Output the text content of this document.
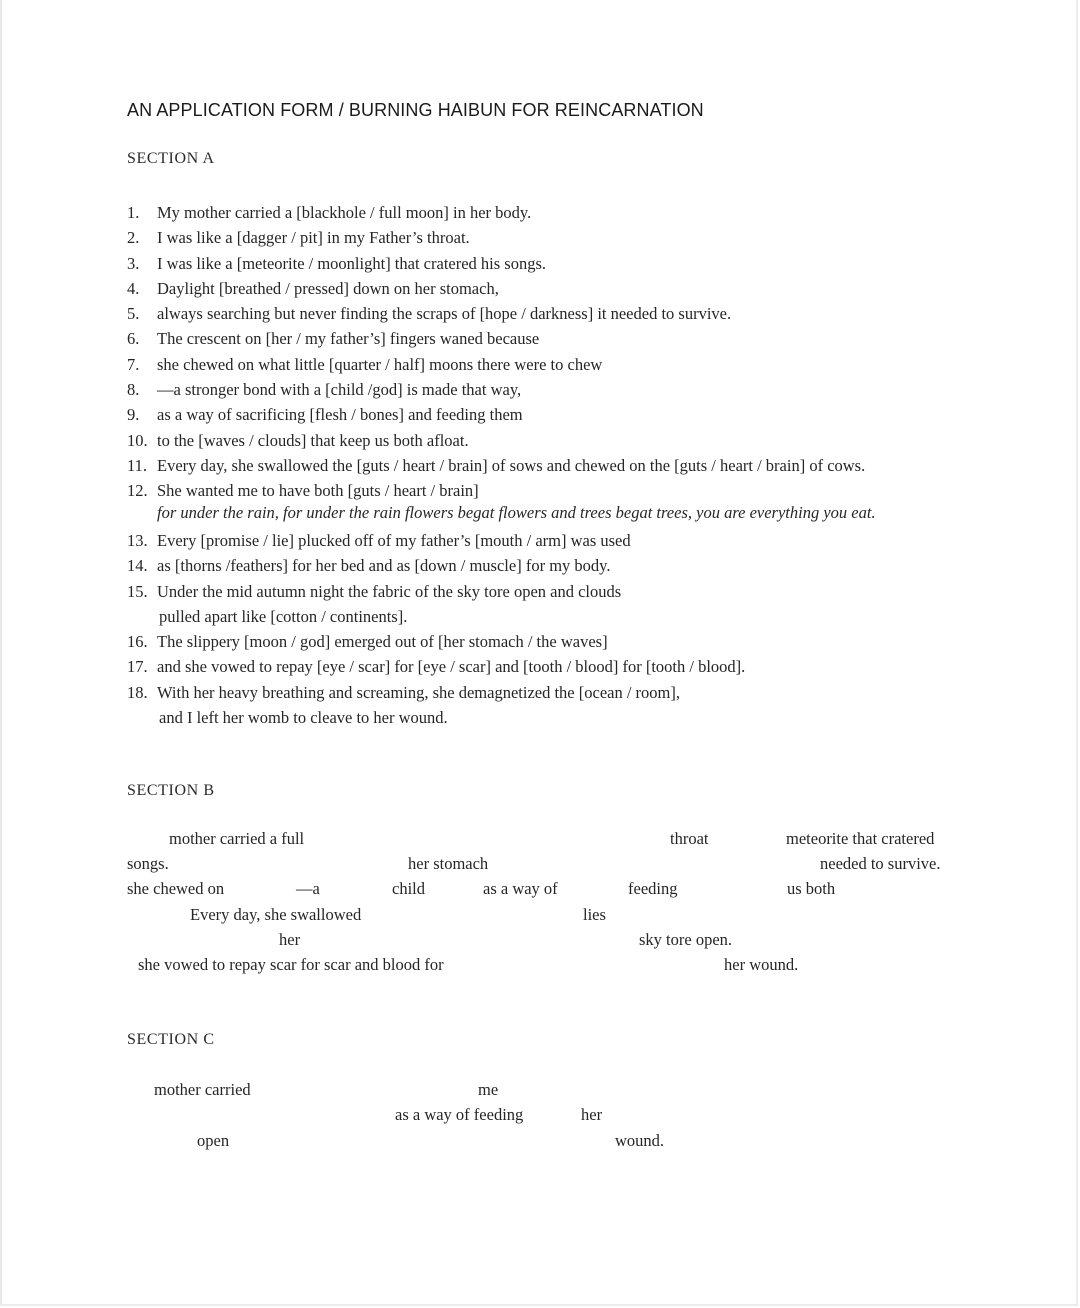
AN APPLICATION FORM / BURNING HAIBUN FOR REINCARNATION
SECTION A
1.	My mother carried a [blackhole / full moon] in her body.
2.	I was like a [dagger / pit] in my Father’s throat.
3.	I was like a [meteorite / moonlight] that cratered his songs.
4.	Daylight [breathed / pressed] down on her stomach,
5.	always searching but never finding the scraps of [hope / darkness] it needed to survive.
6.	The crescent on [her / my father’s] fingers waned because
7.	she chewed on what little [quarter / half] moons there were to chew
8.	—a stronger bond with a [child /god] is made that way,
9.	as a way of sacrificing [flesh / bones] and feeding them
10. to the [waves / clouds] that keep us both afloat.
11. Every day, she swallowed the [guts / heart / brain] of sows and chewed on the [guts / heart / brain] of cows.
12. She wanted me to have both [guts / heart / brain]
for under the rain, for under the rain flowers begat flowers and trees begat trees, you are everything you eat.
13. Every [promise / lie] plucked off of my father’s [mouth / arm] was used
14. as [thorns /feathers] for her bed and as [down / muscle] for my body.
15. Under the mid autumn night the fabric of the sky tore open and clouds
pulled apart like [cotton / continents].
16. The slippery [moon / god] emerged out of [her stomach / the waves]
17. and she vowed to repay [eye / scar] for [eye / scar] and [tooth / blood] for [tooth / blood].
18. With her heavy breathing and screaming, she demagnetized the [ocean / room],
and I left her womb to cleave to her wound.
SECTION B
mother carried a full	throat	meteorite that cratered
songs.	her stomach	needed to survive.
she chewed on	—a	child	as a way of	feeding	us both
Every day, she swallowed	lies
her	sky tore open.
she vowed to repay scar for scar and blood for	her wound.
SECTION C
mother carried	me
as a way of feeding	her
open	wound.
